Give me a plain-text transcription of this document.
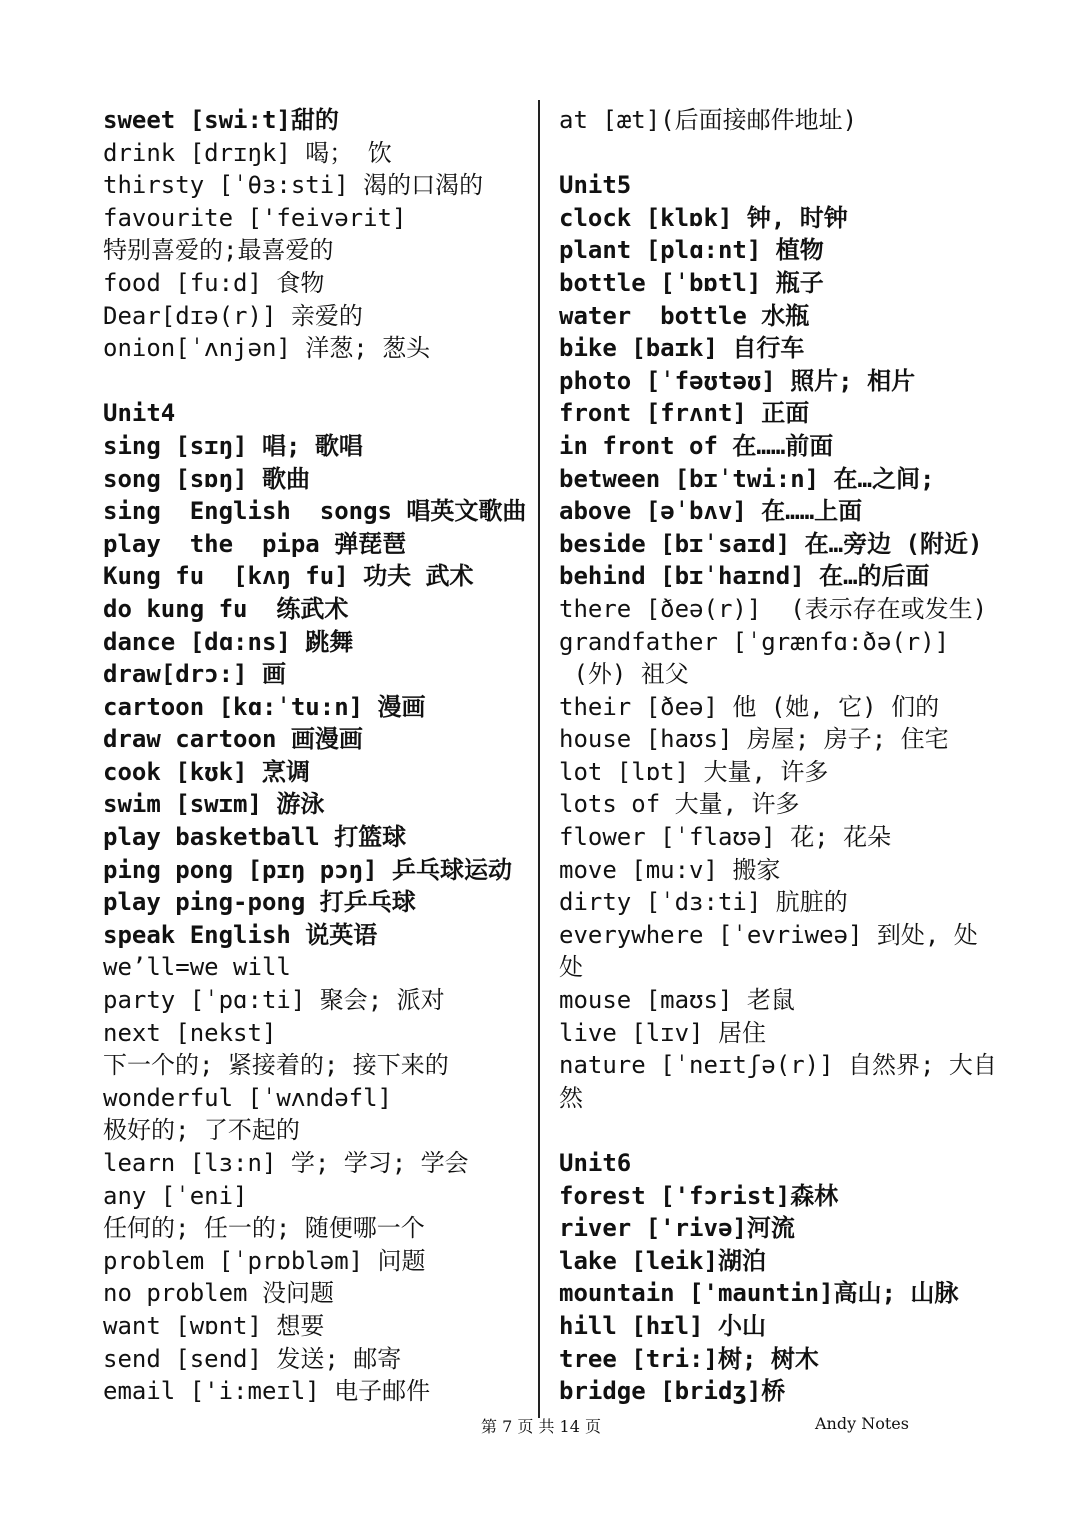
sweet [swi:t]甜的
drink [drɪŋk] 喝； 饮
thirsty [ˈθɜ:sti] 渴的口渴的
favourite ['feivərit]
特别喜爱的;最喜爱的
food [fu:d] 食物
Dear[dɪə(r)] 亲爱的
onion[ˈʌnjən] 洋葱; 葱头
Unit4
sing [sɪŋ] 唱; 歌唱
song [sɒŋ] 歌曲
sing  English  songs 唱英文歌曲
play  the  pipa 弹琵琶
Kung fu  [kʌŋ fu] 功夫 武术
do kung fu  练武术
dance [dɑ:ns] 跳舞
draw[drɔ:] 画
cartoon [kɑ:ˈtu:n] 漫画
draw cartoon 画漫画
cook [kʊk] 烹调
swim [swɪm] 游泳
play basketball 打篮球
ping pong [pɪŋ pɔŋ] 乒乓球运动
play ping-pong 打乒乓球
speak English 说英语
we’ll=we will
party [ˈpɑ:ti] 聚会; 派对
next [nekst]
下一个的; 紧接着的; 接下来的
wonderful [ˈwʌndəfl]
极好的; 了不起的
learn [lɜ:n] 学; 学习; 学会
any [ˈeni]
任何的; 任一的; 随便哪一个
problem [ˈprɒbləm] 问题
no problem 没问题
want [wɒnt] 想要
send [send] 发送; 邮寄
email ['i:meɪl] 电子邮件
at [æt](后面接邮件地址)
Unit5
clock [klɒk] 钟, 时钟
plant [plɑ:nt] 植物
bottle [ˈbɒtl] 瓶子
water  bottle 水瓶
bike [baɪk] 自行车
photo [ˈfəʊtəʊ] 照片; 相片
front [frʌnt] 正面
in front of 在……前面
between [bɪˈtwi:n] 在…之间;
above [əˈbʌv] 在……上面
beside [bɪˈsaɪd] 在…旁边 (附近)
behind [bɪˈhaɪnd] 在…的后面
there [ðeə(r)]  (表示存在或发生)
grandfather [ˈgrænfɑ:ðə(r)]
(外) 祖父
their [ðeə] 他 (她, 它) 们的
house [haʊs] 房屋; 房子; 住宅
lot [lɒt] 大量, 许多
lots of 大量, 许多
flower [ˈflaʊə] 花; 花朵
move [mu:v] 搬家
dirty [ˈdɜ:ti] 肮脏的
everywhere [ˈevriweə] 到处, 处
处
mouse [maʊs] 老鼠
live [lɪv] 居住
nature [ˈneɪtʃə(r)] 自然界; 大自
然
Unit6
forest ['fɔrist]森林
river ['rivə]河流
lake [leik]湖泊
mountain ['mauntin]高山; 山脉
hill [hɪl] 小山
tree [tri:]树; 树木
bridge [bridʒ]桥
第 7 页 共 14 页	Andy Notes
